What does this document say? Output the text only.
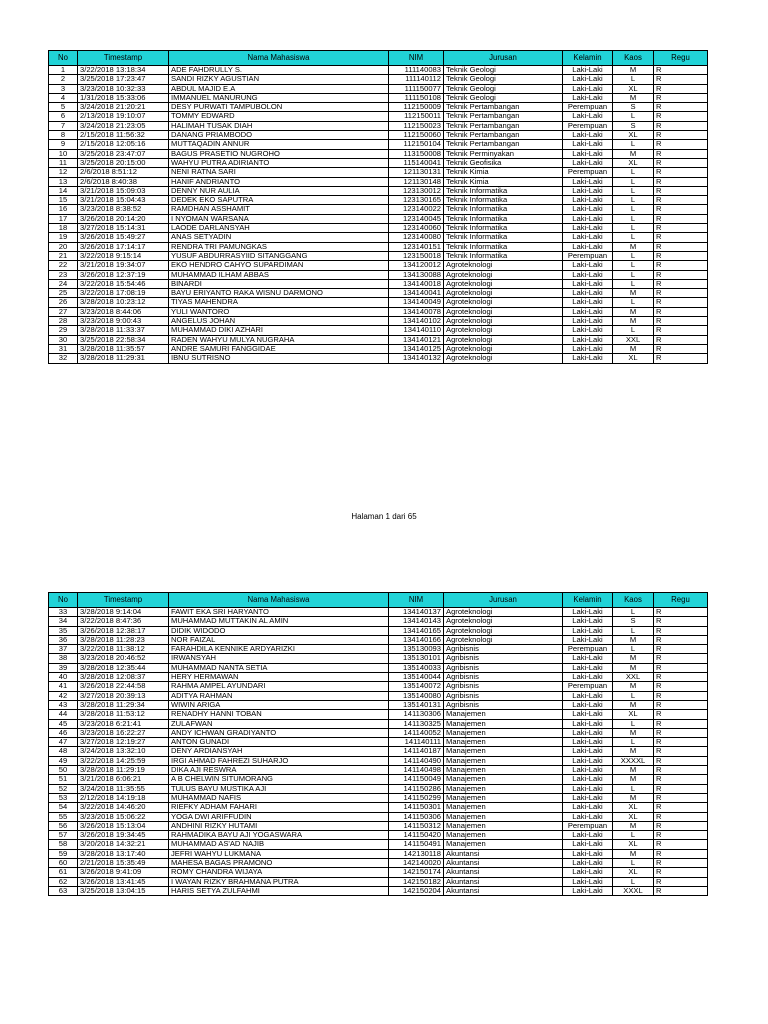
No	Timestamp	Nama Mahasiswa	NIM	Jurusan	Kelamin	Kaos	Regu
1	3/22/2018 13:18:34	ADE FAHDRULLY S.	111140083	Teknik Geologi	Laki-Laki	M	R
2	3/25/2018 17:23:47	SANDI RIZKY AGUSTIAN	111140112	Teknik Geologi	Laki-Laki	L	R
3	3/23/2018 10:32:33	ABDUL MAJID E.A	111150077	Teknik Geologi	Laki-Laki	XL	R
4	1/31/2018 15:33:06	IMMANUEL MANURUNG	111150108	Teknik Geologi	Laki-Laki	M	R
5	3/24/2018 21:20:21	DESY PURWATI TAMPUBOLON	112150009	Teknik Pertambangan	Perempuan	S	R
6	2/13/2018 19:10:07	TOMMY EDWARD	112150011	Teknik Pertambangan	Laki-Laki	L	R
7	3/24/2018 21:23:05	HALIMAH TUSAK DIAH	112150023	Teknik Pertambangan	Perempuan	S	R
8	2/15/2018 11:56:32	DANANG PRIAMBODO	112150060	Teknik Pertambangan	Laki-Laki	XL	R
9	2/15/2018 12:05:16	MUTTAQADIN ANNUR	112150104	Teknik Pertambangan	Laki-Laki	L	R
10	3/25/2018 23:47:07	BAGUS PRASETIO NUGROHO	113150008	Teknik Perminyakan	Laki-Laki	M	R
11	3/25/2018 20:15:00	WAHYU PUTRA ADIRIANTO	115140041	Teknik Geofisika	Laki-Laki	XL	R
12	2/6/2018 8:51:12	NENI RATNA SARI	121130131	Teknik Kimia	Perempuan	L	R
13	2/6/2018 8:40:38	HANIF ANDRIANTO	121130148	Teknik Kimia	Laki-Laki	L	R
14	3/21/2018 15:09:03	DENNY NUR AULIA	123130012	Teknik Informatika	Laki-Laki	L	R
15	3/21/2018 15:04:43	DEDEK EKO SAPUTRA	123130165	Teknik Informatika	Laki-Laki	L	R
16	3/23/2018 8:38:52	RAMDHAN ASSHAMIT	123140022	Teknik Informatika	Laki-Laki	L	R
17	3/26/2018 20:14:20	I NYOMAN WARSANA	123140045	Teknik Informatika	Laki-Laki	L	R
18	3/27/2018 15:14:31	LAODE DARLANSYAH	123140060	Teknik Informatika	Laki-Laki	L	R
19	3/26/2018 15:49:27	ANAS SETYADIN	123140080	Teknik Informatika	Laki-Laki	L	R
20	3/26/2018 17:14:17	RENDRA TRI PAMUNGKAS	123140151	Teknik Informatika	Laki-Laki	M	R
21	3/22/2018 9:15:14	YUSUF ABDURRASYIID SITANGGANG	123150018	Teknik Informatika	Perempuan	L	R
22	3/21/2018 19:34:07	EKO HENDRO CAHYO SUPARDIMAN	134120012	Agroteknologi	Laki-Laki	L	R
23	3/26/2018 12:37:19	MUHAMMAD ILHAM ABBAS	134130088	Agroteknologi	Laki-Laki	L	R
24	3/22/2018 15:54:46	BINARDI	134140018	Agroteknologi	Laki-Laki	L	R
25	3/22/2018 17:08:19	BAYU ERIYANTO RAKA WISNU DARMONO	134140041	Agroteknologi	Laki-Laki	M	R
26	3/28/2018 10:23:12	TIYAS MAHENDRA	134140049	Agroteknologi	Laki-Laki	L	R
27	3/23/2018 8:44:06	YULI WANTORO	134140078	Agroteknologi	Laki-Laki	M	R
28	3/23/2018 9:00:43	ANGELUS JOHAN	134140102	Agroteknologi	Laki-Laki	M	R
29	3/28/2018 11:33:37	MUHAMMAD DIKI AZHARI	134140110	Agroteknologi	Laki-Laki	L	R
30	3/25/2018 22:58:34	RADEN WAHYU MULYA NUGRAHA	134140121	Agroteknologi	Laki-Laki	XXL	R
31	3/28/2018 11:35:57	ANDRE SAMURI FANGGIDAE	134140125	Agroteknologi	Laki-Laki	M	R
32	3/28/2018 11:29:31	IBNU SUTRISNO	134140132	Agroteknologi	Laki-Laki	XL	R
Halaman 1 dari 65
No	Timestamp	Nama Mahasiswa	NIM	Jurusan	Kelamin	Kaos	Regu
33	3/28/2018 9:14:04	FAWIT EKA SRI HARYANTO	134140137	Agroteknologi	Laki-Laki	L	R
34	3/22/2018 8:47:36	MUHAMMAD MUTTAKIN AL AMIN	134140143	Agroteknologi	Laki-Laki	S	R
35	3/26/2018 12:38:17	DIDIK WIDODO	134140165	Agroteknologi	Laki-Laki	L	R
36	3/28/2018 11:28:23	NOR FAIZAL	134140166	Agroteknologi	Laki-Laki	M	R
37	3/22/2018 11:38:12	FARAHDILA KENNIKE ARDYARIZKI	135130093	Agribisnis	Perempuan	L	R
38	3/23/2018 20:46:52	IRWANSYAH	135130101	Agribisnis	Laki-Laki	M	R
39	3/28/2018 12:35:44	MUHAMMAD NANTA SETIA	135140033	Agribisnis	Laki-Laki	M	R
40	3/28/2018 12:08:37	HERY HERMAWAN	135140044	Agribisnis	Laki-Laki	XXL	R
41	3/26/2018 22:44:58	RAHMA AMPEL AYUNDARI	135140072	Agribisnis	Perempuan	M	R
42	3/27/2018 20:39:13	ADITYA RAHMAN	135140080	Agribisnis	Laki-Laki	L	R
43	3/28/2018 11:29:34	WIWIN ARIGA	135140131	Agribisnis	Laki-Laki	M	R
44	3/28/2018 11:53:12	RENADHY HANNI TOBAN	141130306	Manajemen	Laki-Laki	XL	R
45	3/23/2018 6:21:41	ZULAFWAN	141130325	Manajemen	Laki-Laki	L	R
46	3/23/2018 16:22:27	ANDY ICHWAN GRADIYANTO	141140052	Manajemen	Laki-Laki	M	R
47	3/27/2018 12:19:27	ANTON GUNADI	141140111	Manajemen	Laki-Laki	L	R
48	3/24/2018 13:32:10	DENY ARDIANSYAH	141140187	Manajemen	Laki-Laki	M	R
49	3/22/2018 14:25:59	IRGI AHMAD FAHREZI SUHARJO	141140490	Manajemen	Laki-Laki	XXXXL	R
50	3/28/2018 11:29:19	DIKA AJI RESWRA	141140498	Manajemen	Laki-Laki	M	R
51	3/21/2018 6:06:21	A B CHELWIN SITUMORANG	141150049	Manajemen	Laki-Laki	M	R
52	3/24/2018 11:35:55	TULUS BAYU MUSTIKA AJI	141150286	Manajemen	Laki-Laki	L	R
53	2/12/2018 14:19:18	MUHAMMAD NAFIS	141150299	Manajemen	Laki-Laki	M	R
54	3/22/2018 14:46:20	RIEFKY ADHAM FAHARI	141150301	Manajemen	Laki-Laki	XL	R
55	3/23/2018 15:06:22	YOGA DWI ARIFFUDIN	141150306	Manajemen	Laki-Laki	XL	R
56	3/26/2018 15:13:04	ANDHINI RIZKY HUTAMI	141150312	Manajemen	Perempuan	M	R
57	3/26/2018 19:34:45	RAHMADIKA BAYU AJI YOGASWARA	141150420	Manajemen	Laki-Laki	L	R
58	3/20/2018 14:32:21	MUHAMMAD AS'AD NAJIB	141150491	Manajemen	Laki-Laki	XL	R
59	3/28/2018 13:17:40	JEFRI WAHYU LUKMANA	142130118	Akuntansi	Laki-Laki	M	R
60	2/21/2018 15:35:49	MAHESA BAGAS PRAMONO	142140020	Akuntansi	Laki-Laki	L	R
61	3/26/2018 9:41:09	ROMY CHANDRA WIJAYA	142150174	Akuntansi	Laki-Laki	XL	R
62	3/26/2018 13:41:45	I WAYAN RIZKY BRAHMANA PUTRA	142150182	Akuntansi	Laki-Laki	L	R
63	3/25/2018 13:04:15	HARIS SETYA ZULFAHMI	142150204	Akuntansi	Laki-Laki	XXXL	R
